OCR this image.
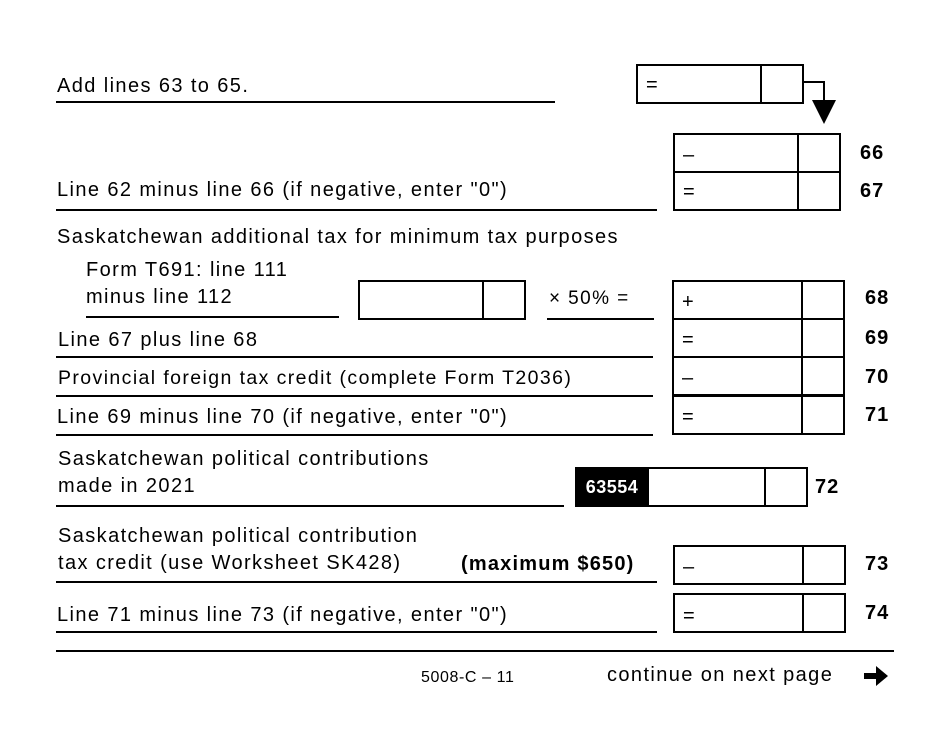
Add lines 63 to 65.	=
–	66
Line 62 minus line 66 (if negative, enter "0")	=	67
Saskatchewan additional tax for minimum tax purposes
Form T691: line 111
minus line 112	× 50% =	+	68
Line 67 plus line 68	=	69
Provincial foreign tax credit (complete Form T2036)	–	70
Line 69 minus line 70 (if negative, enter "0")	=	71
Saskatchewan political contributions
made in 2021	63554	72
Saskatchewan political contribution
tax credit (use Worksheet SK428)	(maximum $650) –	73
Line 71 minus line 73 (if negative, enter "0")	=	74
5008-C – 11	continue on next page
